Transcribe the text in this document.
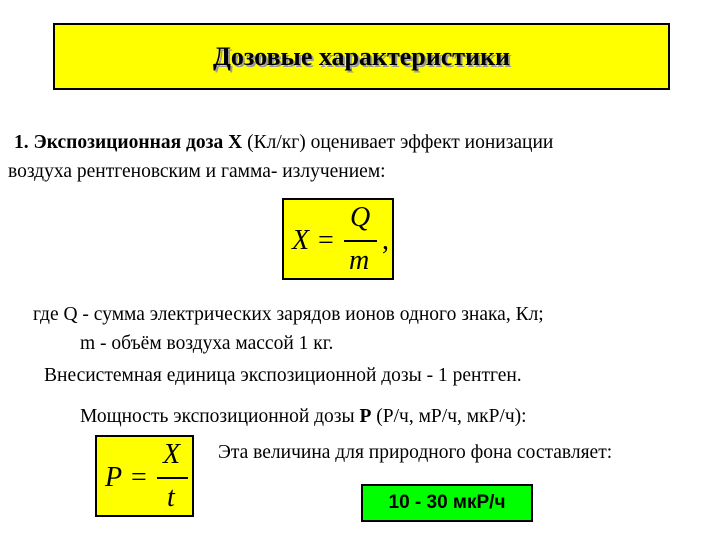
Дозовые характеристики
1. Экспозиционная доза X (Кл/кг) оценивает эффект ионизации
воздуха рентгеновским и гамма- излучением:
X =
Q
m
,
где Q - сумма электрических зарядов ионов одного знака, Кл;
m - объём воздуха массой 1 кг.
Внесистемная единица экспозиционной дозы - 1 рентген.
Мощность экспозиционной дозы P (Р/ч, мР/ч, мкР/ч):
P =
X
t
Эта величина для природного фона составляет:
10 - 30 мкР/ч
